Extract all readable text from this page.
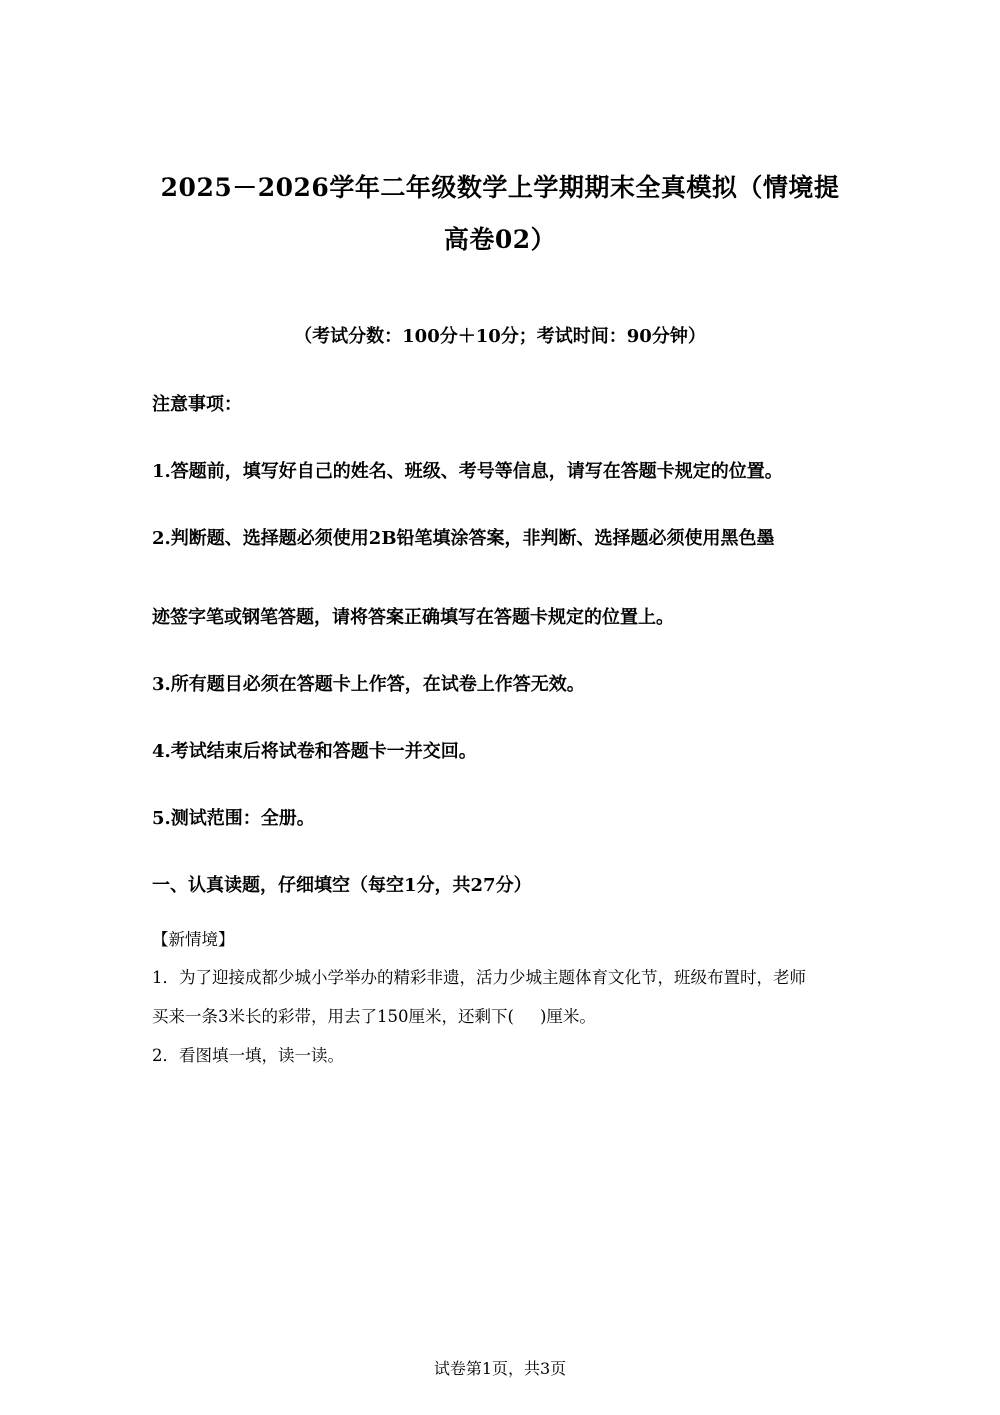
2025－2026学年二年级数学上学期期末全真模拟（情境提
高卷02）
（考试分数：100分＋10分；考试时间：90分钟）
注意事项：
1.答题前，填写好自己的姓名、班级、考号等信息，请写在答题卡规定的位置。
2.判断题、选择题必须使用2B铅笔填涂答案，非判断、选择题必须使用黑色墨
迹签字笔或钢笔答题，请将答案正确填写在答题卡规定的位置上。
3.所有题目必须在答题卡上作答，在试卷上作答无效。
4.考试结束后将试卷和答题卡一并交回。
5.测试范围：全册。
一、认真读题，仔细填空（每空1分，共27分）
【新情境】
1．为了迎接成都少城小学举办的精彩非遗，活力少城主题体育文化节，班级布置时，老师
买来一条3米长的彩带，用去了150厘米，还剩下( )厘米。
2．看图填一填，读一读。
试卷第1页，共3页
